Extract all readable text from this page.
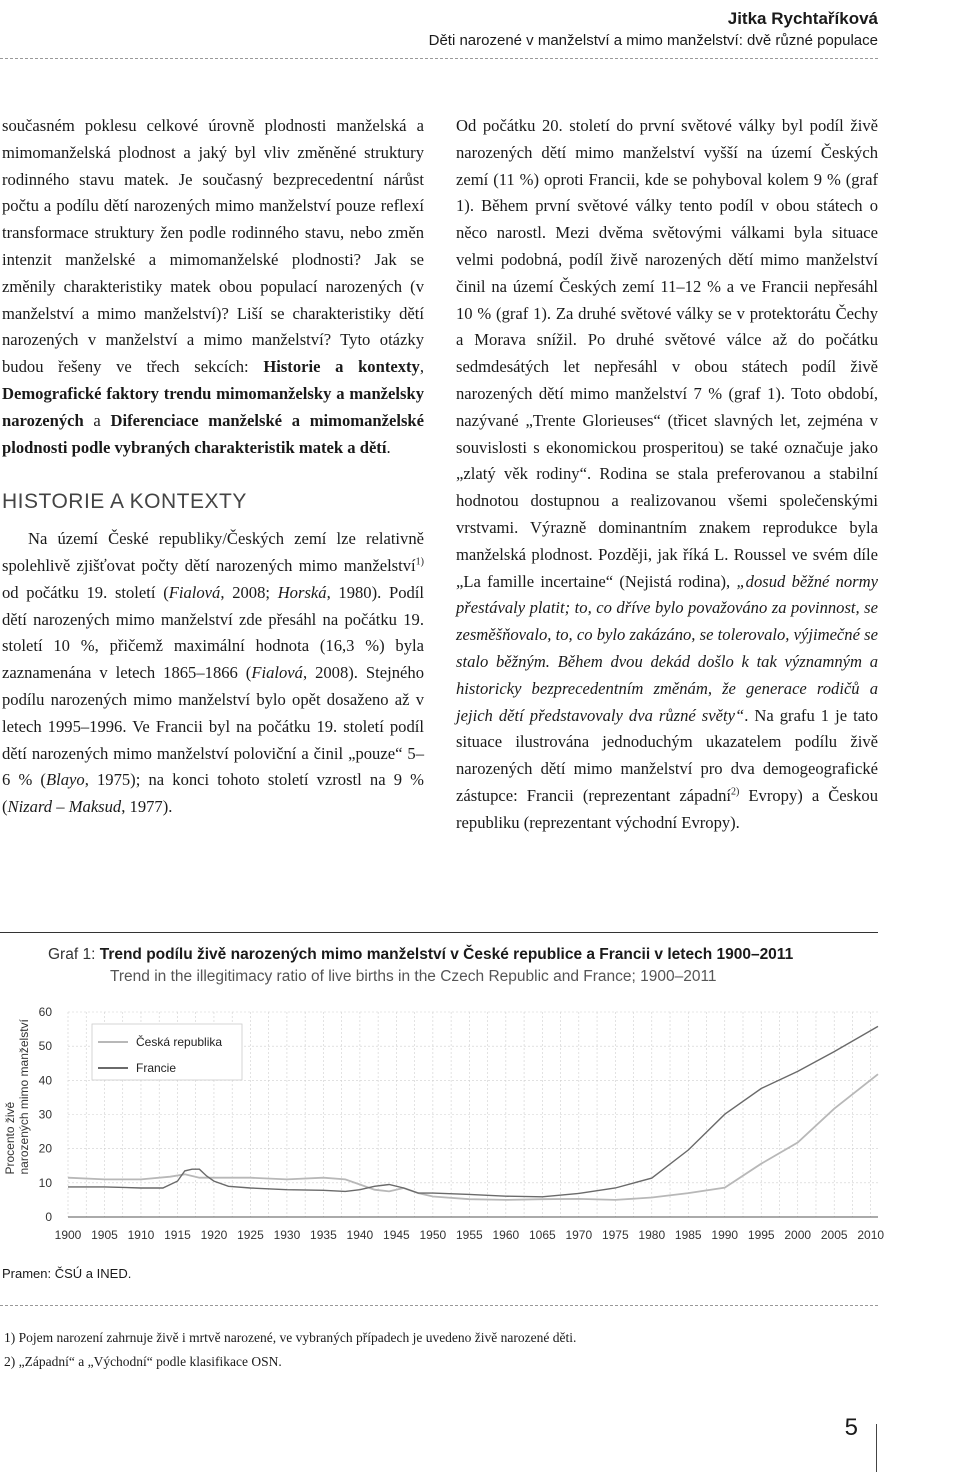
Jitka Rychtaříková
Děti narozené v manželství a mimo manželství: dvě různé populace

současném poklesu celkové úrovně plodnosti manželská a mimomanželská plodnost a jaký byl vliv změněné struktury rodinného stavu matek. Je současný bezprecedentní nárůst počtu a podílu dětí narozených mimo manželství pouze reflexí transformace struktury žen podle rodinného stavu, nebo změn intenzit manželské a mimomanželské plodnosti? Jak se změnily charakteristiky matek obou populací narozených (v manželství a mimo manželství)? Liší se charakteristiky dětí narozených v manželství a mimo manželství? Tyto otázky budou řešeny ve třech sekcích: Historie a kontexty, Demografické faktory trendu mimomanželsky a manželsky narozených a Diferenciace manželské a mimomanželské plodnosti podle vybraných charakteristik matek a dětí.

HISTORIE A KONTEXTY

Na území České republiky/Českých zemí lze relativně spolehlivě zjišťovat počty dětí narozených mimo manželství$^{1)}$ od počátku 19. století (Fialová, 2008; Horská, 1980). Podíl dětí narozených mimo manželství zde přesáhl na počátku 19. století 10 %, přičemž maximální hodnota (16,3 %) byla zaznamenána v letech 1865–1866 (Fialová, 2008). Stejného podílu narozených mimo manželství bylo opět dosaženo až v letech 1995–1996. Ve Francii byl na počátku 19. století podíl dětí narozených mimo manželství poloviční a činil „pouze“ 5–6 % (Blayo, 1975); na konci tohoto století vzrostl na 9 % (Nizard – Maksud, 1977).

Od počátku 20. století do první světové války byl podíl živě narozených dětí mimo manželství vyšší na území Českých zemí (11 %) oproti Francii, kde se pohyboval kolem 9 % (graf 1). Během první světové války tento podíl v obou státech o něco narostl. Mezi dvěma světovými válkami byla situace velmi podobná, podíl živě narozených dětí mimo manželství činil na území Českých zemí 11–12 % a ve Francii nepřesáhl 10 % (graf 1). Za druhé světové války se v protektorátu Čechy a Morava snížil. Po druhé světové válce až do počátku sedmdesátých let nepřesáhl v obou státech podíl živě narozených dětí mimo manželství 7 % (graf 1). Toto období, nazývané „Trente Glorieuses“ (třicet slavných let, zejména v souvislosti s ekonomickou prosperitou) se také označuje jako „zlatý věk rodiny“. Rodina se stala preferovanou a stabilní hodnotou dostupnou a realizovanou všemi společenskými vrstvami. Výrazně dominantním znakem reprodukce byla manželská plodnost. Později, jak říká L. Roussel ve svém díle „La famille incertaine“ (Nejistá rodina), „dosud běžné normy přestávaly platit; to, co dříve bylo považováno za povinnost, se zesměšňovalo, to, co bylo zakázáno, se tolerovalo, výjimečné se stalo běžným. Během dvou dekád došlo k tak významným a historicky bezprecedentním změnám, že generace rodičů a jejich dětí představovaly dva různé světy“. Na grafu 1 je tato situace ilustrována jednoduchým ukazatelem podílu živě narozených dětí mimo manželství pro dva demogeografické zástupce: Francii (reprezentant západní$^{2)}$ Evropy) a Českou republiku (reprezentant východní Evropy).

Graf 1: Trend podílu živě narozených mimo manželství v České republice a Francii v letech 1900–2011
Trend in the illegitimacy ratio of live births in the Czech Republic and France; 1900–2011
60
50
40
30
20
10
0
1900 1905 1910 1915 1920 1925 1930 1935 1940 1945 1950 1955 1960 1065 1970 1975 1980 1985 1990 1995 2000 2005 2010
Procento živěnarozených mimo manželství	Česká republika
Francie
Pramen: ČSÚ a INED.
1) Pojem narození zahrnuje živě i mrtvě narozené, ve vybraných případech je uvedeno živě narozené děti.
2) „Západní“ a „Východní“ podle klasifikace OSN.
5
